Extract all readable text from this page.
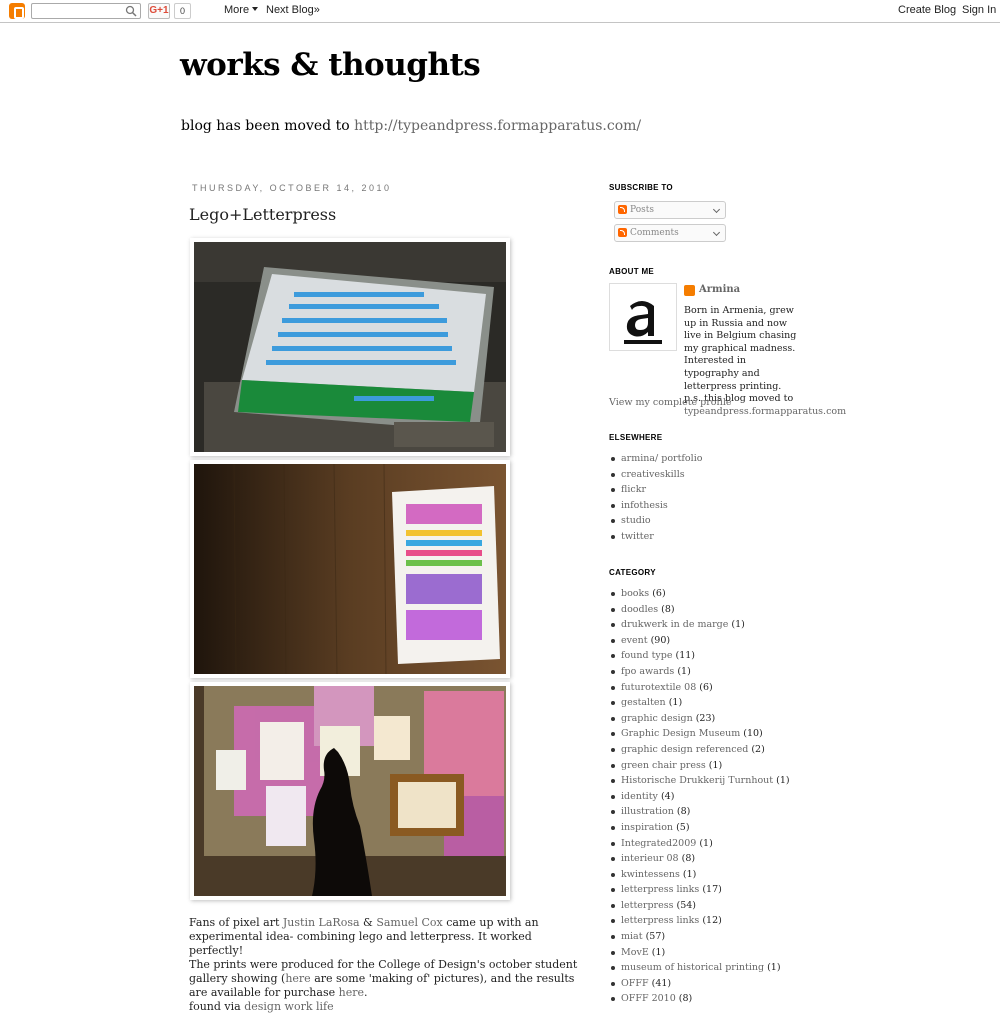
G+1	0	More	Next Blog»	Create Blog Sign In
works & thoughts
blog has been moved to http://typeandpress.formapparatus.com/
THURSDAY, OCTOBER 14, 2010
Lego+Letterpress

Fans of pixel art Justin LaRosa & Samuel Cox came up with an experimental idea- combining lego and letterpress. It worked perfectly!

The prints were produced for the College of Design's october student gallery showing (here are some 'making of' pictures), and the results are available for purchase here.

found via design work life

SUBSCRIBE TO
Posts
Comments
ABOUT ME
Armina
Born in Armenia, grew up in Russia and now live in Belgium chasing my graphical madness. Interested in typography and letterpress printing. p.s. this blog moved to typeandpress.formapparatus.com
View my complete profile
ELSEWHERE
armina/ portfolio
creativeskills
flickr
infothesis
studio
twitter
CATEGORY
books (6)
doodles (8)
drukwerk in de marge (1)
event (90)
found type (11)
fpo awards (1)
futurotextile 08 (6)
gestalten (1)
graphic design (23)
Graphic Design Museum (10)
graphic design referenced (2)
green chair press (1)
Historische Drukkerij Turnhout (1)
identity (4)
illustration (8)
inspiration (5)
Integrated2009 (1)
interieur 08 (8)
kwintessens (1)
letterpress links (17)
letterpress (54)
letterpress links (12)
miat (57)
MovE (1)
museum of historical printing (1)
OFFF (41)
OFFF 2010 (8)
